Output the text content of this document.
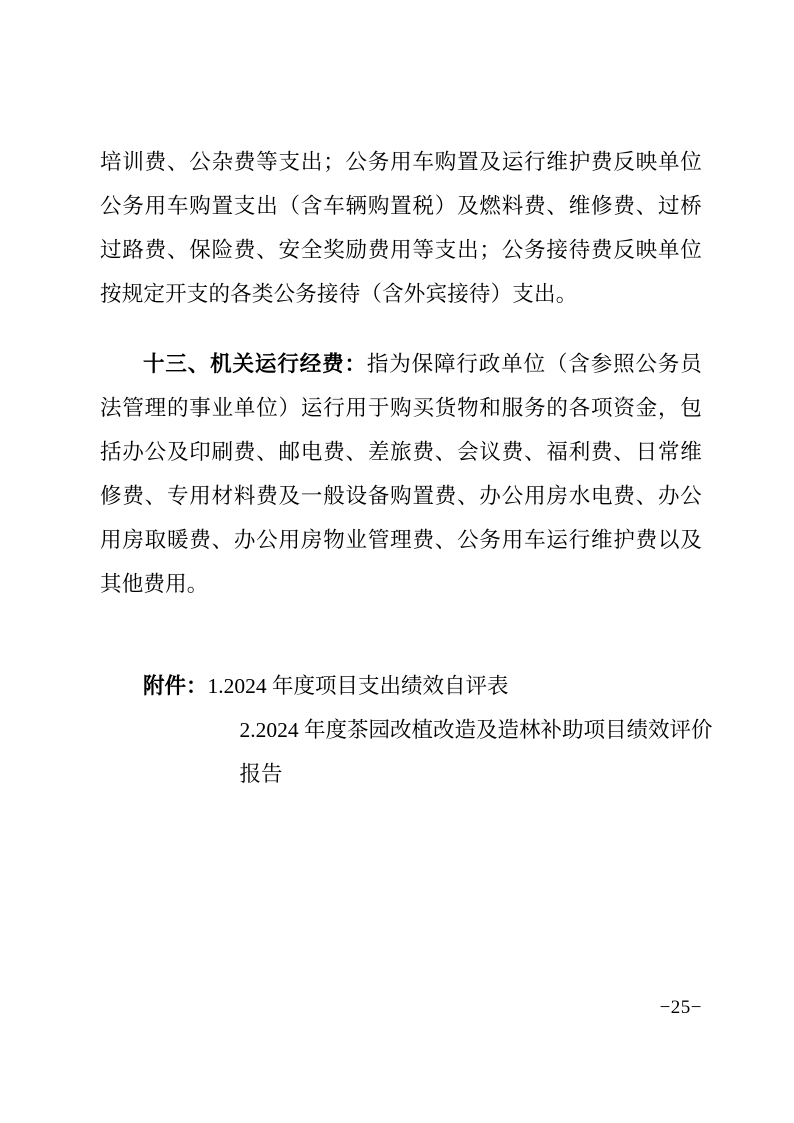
培训费、公杂费等支出；公务用车购置及运行维护费反映单位公务用车购置支出（含车辆购置税）及燃料费、维修费、过桥过路费、保险费、安全奖励费用等支出；公务接待费反映单位按规定开支的各类公务接待（含外宾接待）支出。

十三、机关运行经费：指为保障行政单位（含参照公务员法管理的事业单位）运行用于购买货物和服务的各项资金，包括办公及印刷费、邮电费、差旅费、会议费、福利费、日常维修费、专用材料费及一般设备购置费、办公用房水电费、办公用房取暖费、办公用房物业管理费、公务用车运行维护费以及其他费用。

附件： 1.2024 年度项目支出绩效自评表
2.2024 年度茶园改植改造及造林补助项目绩效评价
报告
−25−
